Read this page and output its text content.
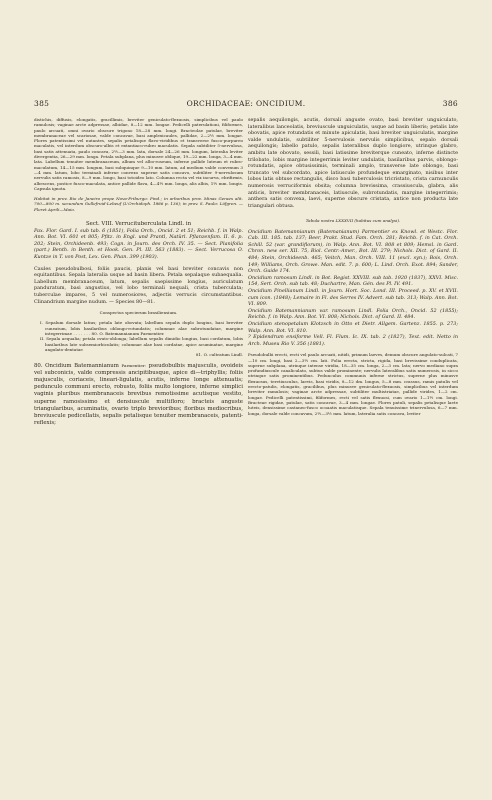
385	ORCHIDACEAE: ONCIDIUM.	386

distichis, diffusis, elongatis, gracillimis, breviter geniculato-flexuosis, simplicibus vel paulo ramulosis; vaginae arcte adpressae, albidae, 8—12 mm. longae. Pedicelli paterulationi, filiformes, paulo arcuati, omni ovario obscure trigono 18—28 mm. longi. Bracteolae patulae, breviter membranaceae vel scariosae, valde concavae, basi amplexicaules, pallidae, 2—2½ mm. longae. Flores patentissimi vel nutantes, sepalis petalisque flavo-viridibus et transverse fusco-purpureo maculatis, vel interdum obscuro-albis et extantiaco-rubro maculatis. Sepala subtiliter 5-nervulosa, basi satis attenuata, paulo concava, 2½—3 mm. lata, dorsale 24—26 mm. longum, lateralia leviter divergentia, 26—29 mm. longa. Petala subplana, plus minusve oblique, 19—22 mm. longa, 3—4 mm. lata. Labellum tenuiter membranaceum, album vel albo-roseum, inferne pallide luteum et rubro-maculatum, 14—15 mm. longum, basi subquinque 9—10 mm. latum, ad medium valde convexum 3—4 mm. latum, lobo terminali inferne convexo superne satis concavo, subtiliter 9-nervulosum nervulis satis ramosis, 8—9 mm. longo, basi totoideo lato. Columna recta vel vix incurva, ebrifirmis, albescens, postice fusco-maculata, antice pallide flava, 4—4½ mm. longa, alis albis, 1½ mm. longis. Capsula ignota.

Habitat in prov. Rio de Janeiro prope Nova-Friburgo: Pind.; in arboribus prov. Minas Geraes alit. 700—800 m. secundum Gullefroid-Lebeuf (L'Orchidoph. 1886 p. 136); in prov. S. Paulo: Löfgren. — Floret Aprili—Maio.

Sect. VIII. Verrucituberculata Lindl. in

Pax. Flor. Gard. I. sub tab. 6 (1851), Folia Orch., Oncid. 2 et 51; Reichb. f. in Walp. Ann. Bot. VI. 601 et 805; Pfitz. in Engl. und Prantl, Natürl. Pflanzenfam. II. 6. p. 202; Stein, Orchideenb. 493; Cogn. in Journ. des Orch. IV. 35. — Sect. Planifolia (part.) Benth. in Benth. et Hook. Gen. Pl. III. 563 (1883). — Sect. Verrucosa O. Kuntze in T. von Post, Lex. Gen. Phan. 399 (1903).

Caules pseudobulbosi, foliis paucis, planis vel basi breviter concavis non equitantibus. Sepala lateralia usque ad basin libera. Petala sepalaque subaequalia. Labellum membranaceum, latum, sepalis saepissime longius, auriculatum panduratum, basi angustius, vel lobo terminali nequali, crista tuberculata; tuberculae impares, 5 vel numerosiores, adjectis verrucis circumstantibus. Clinandrium margine nudum. — Species 80—81.

Conspectus specierum brasiliensium.

I. Sepalum dorsale latius; petala late obovata; labellum sepalis duplo longius, basi breviter cuneatum, lobis basilaribus oblongo-rotundatis; columnae alae subrotundatae, margine integerrimae . . . . . . . 80. O. Batemannianum Parmentier.

II. Sepala aequalia; petala ovato-oblonga; labellum sepalis dimidio longius, basi cordatum, lobis basilaribus late subsemiorbiculatis; columnae alae basi cordatae, apice acuminatae, margine angulato-dentatae

81. O. cultratum Lindl.

80. Oncidium Batemannianum Parmentier: pseudobulbis majusculis, ovoideis vel subconicis, valde compressis ancipitibusque, apice di—triphyllis; foliis majusculis, coriaceis, lineari-ligulatis, acutis, inferne longe attenuatis; pedunculo communi erecto, robusto, foliis multo longiore, inferne simplici vaginis pluribus membranaceis brevibus remotissime acutisque vestito, superne ramosissimo et densiuscule multifloro; bracteis angustе triangularibus, acuminatis, ovario triplo brevioribus; floribus mediocribus, breviusculе pedicellatis, sepalis petalisque tenuiter membranaceis, patenti-reflexis;

sepalis aequilongis, acutis, dorsali anguste ovato, basi breviter unguiculato, lateralibus lanceolatis, breviuscule unguiculatis, usque ad basin liberis; petalis late obovatis, apice rotundatis et minute apiculatis, basi breviter unguiculatis, margine valde undulatis, subtiliter 5-nervulosis nervulis simplicibus, sepalo dorsali aequilongis; labello patulo, sepalis lateralibus duplo longiore, utrinque glabro, ambitu late obovato, sessili, basi latissime breviterque cuneato, inferne distincte trilobato, lobis margine integerrimis leviter undulatis, basilaribus parvis, oblongo-rotundatis, apice obtusissimis, terminali amplo, transverse late oblongo, basi truncato vel subcordato, apice latiuscule profundeque emarginato, nisibus inter lobos latis obtuse rectangulis, disco basi tuberculosis tricristato, crista carnunculis numerosis verruciformis obsita; columna brevissima, crassiuscula, glabra, alis anticis, breviter membranaceis, latiuscule, subrotundatis, margine integerrimis; anthera satis convexa, laevi, superne obscure cristata, antice non producta late triangulari obtusa.

Tabula nostra LXXXVII (habitus cum analysi).

Oncidium Batemannianum (Batemanianum) Parmentier ex Knowl. et Westc. Flor. Cab. III. 185. tab. 137; Beer, Prakt. Stud. Fam. Orch. 281; Reichb. f. in Cat. Orch. Schill. 52 (var. grandiflorum), in Walp. Ann. Bot. VI. 808 et 809; Hemsl. in Gard. Chron. new ser. XII. 75, Biol. Centr.-Amer., Bot. III. 279; Nichols. Dict. of Gard. II. 484; Stein, Orchideenb. 465; Veitch, Man. Orch. VIII. 11 (excl. syn.); Bois, Orch. 149; Williams, Orch. Growe. Man. edit. 7. p. 600; L. Lind. Orch. Exot. 894; Sander, Orch. Guide 174.

Oncidium ramosum Lindl. in Bot. Regist. XXVIII. sub tab. 1920 (1837), XXVI. Misc. 154, Sert. Orch. sub tab. 48; Duchartre, Man. Gén. des Pl. IV. 491.

Oncidium Pinellianum Lindl. in Journ. Hort. Soc. Lond. III. Proceed. p. XV. et XVII. cum icon. (1848); Lemaire in Fl. des Serres IV. Advert. sub tab. 313; Walp. Ann. Bot. VI. 809.

Oncidium Batemannianum var. ramosum Lindl. Folia Orch., Oncid. 52 (1855); Reichb. f. in Walp. Ann. Bot. VI. 808; Nichols. Dict. of Gard. II. 484.

Oncidium stenopetalum Klotzsch in Otto et Dietr. Allgem. Gartenz. 1855. p. 273; Walp. Ann. Bot. VI. 810.

? Epidendrum ensiforme Vell. Fl. Flum. Ic. IX. tab. 2 (1827), Text. edit. Netto in Arch. Museu Rio V. 356 (1881).

Pseudobulbi erecti, recti vel paulo arcuati, nitidi, primum laeves, demum obscure angulato-sulcati, 7—10 cm. longi, basi 2—3½ cm. lati. Folia erecta, stricta, rigida, basi brevissime conduplicata, superne subplana, utrinque intense viridia, 18—35 cm. longa, 2—3 cm. lata; nervo mediano supra profundiuscule canaliculato, subtus valde prominente; nervulis lateralibus satis numerosis, in sicco utrinque satis prominentibus. Pedunculus communis inferne strictus, superne plus minusve flexuosus, teretiusculus, laevis, basi viridis, 8—12 dm. longus, 5—8 mm. crassus, ramis patulis vel erecto-patulis, elongatis, gracilibus, plus minusve geniculato-flexuosis, simplicibus vel interdum breviter ramulosis; vaginae arcte adpressae, subtiliter multistriatae, pallide virides, 1—2 cm. longae. Pedicelli patentissimi, filiformes, recti vel satis flexuosi, cum ovario 1—1½ cm. longi. Bracteae rigidae, patulae, satis concavae, 3—4 mm. longae. Flores patuli, sepalis petalisque laete lutеis, densissime castaneo-fusco ocoaatis maculatisque. Sepala tenuissime trinervulosa, 6—7 mm. longa, dorsale valde concavum, 2½—3½ mm. latum, lateralia satis concava, leviter
